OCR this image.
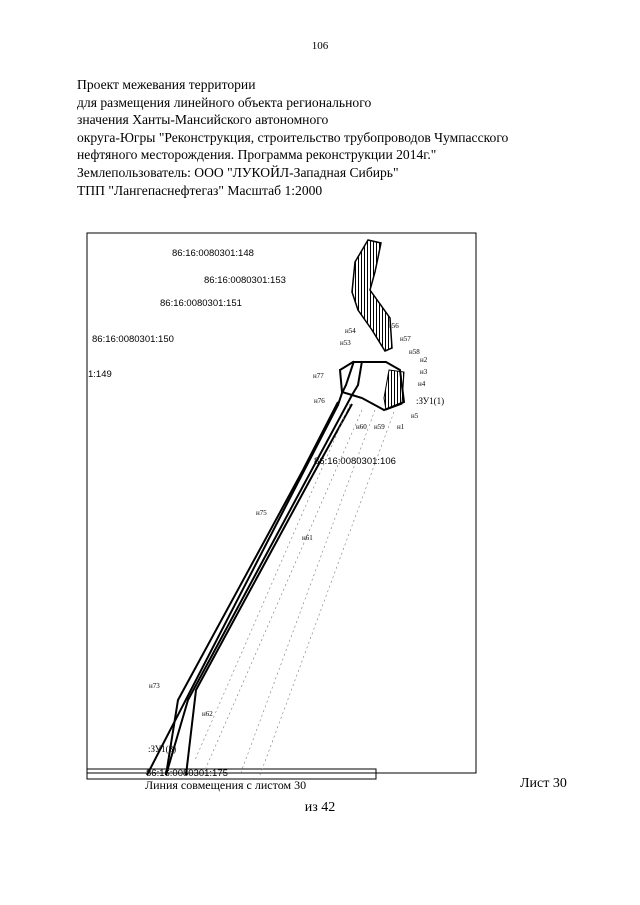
106
Проект межевания территории
для размещения линейного объекта регионального
значения Ханты-Мансийского автономного
округа-Югры "Реконструкция, строительство трубопроводов Чумпасского
нефтяного месторождения. Программа реконструкции 2014г."
Землепользователь: ООО "ЛУКОЙЛ-Западная Сибирь"
ТПП "Лангепаснефтегаз" Масштаб 1:2000
86:16:0080301:148
86:16:0080301:153
86:16:0080301:151
86:16:0080301:150
1:149
86:16:0080301:106
86:16:0080301:175
н54
н53
н56
н57
н58
н2
н3
н4
н77
н76
н60 н59 н1
н5
н75
н61
н73
н62
:ЗУ1(1)
:ЗУ1(8)
Линия совмещения с листом 30	Лист 30
из 42
